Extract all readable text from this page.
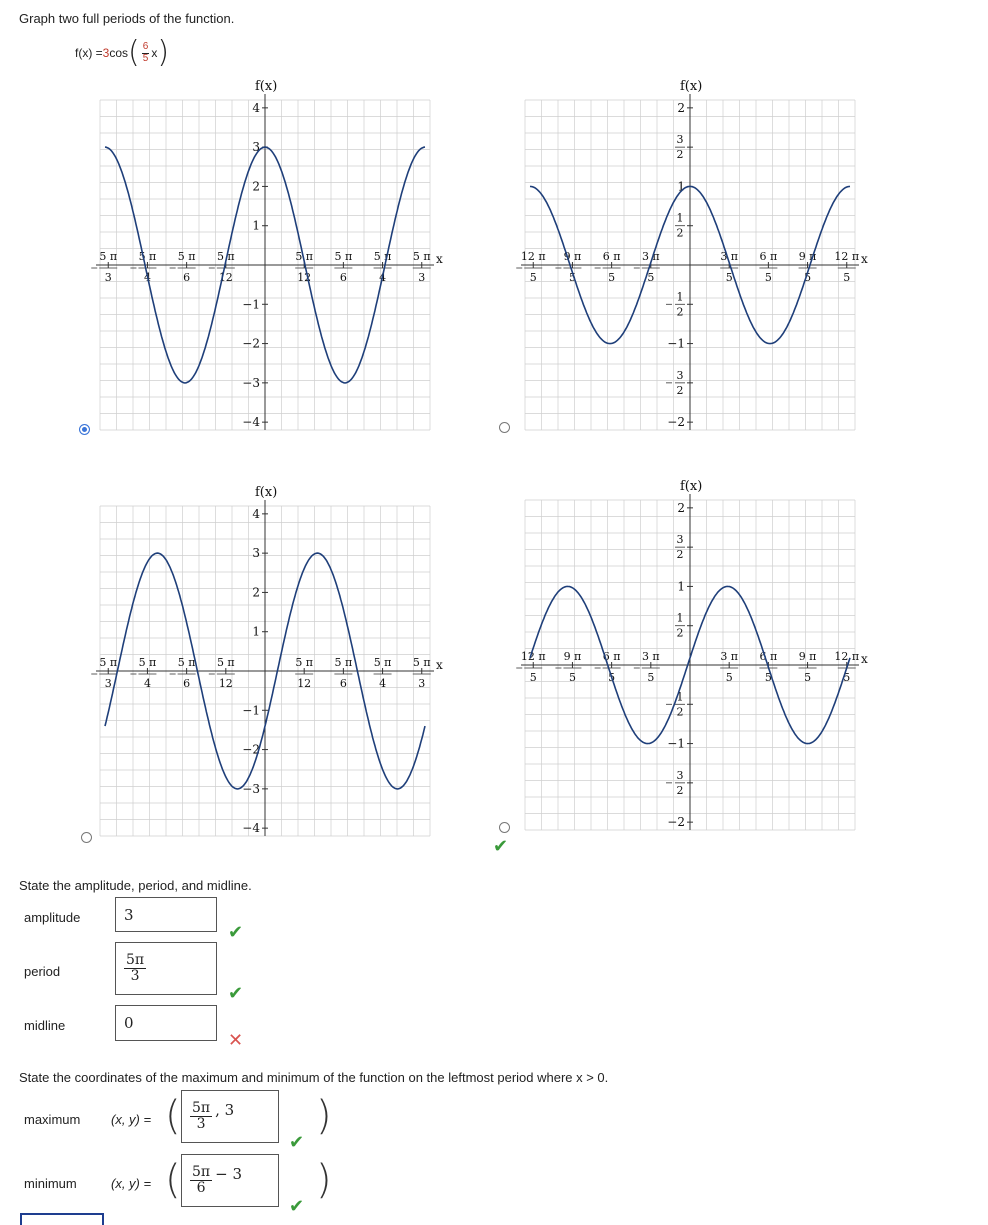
Graph two full periods of the function.
f(x) = 3 cos ( $\frac{6}{5}$ x )
f(x)
x
4
3
2
1
−1
−2
−3
−4
5 π
3
5 π
4
5 π
6
5 π
12
5 π
12
5 π
6
5 π
4
5 π
3
f(x)
x
2
3
2
1
1
2
1
2
−1
3
2
−2
12 π
5
9 π
5
6 π
5
3 π
5
3 π
5
6 π
5
9 π
5
12 π
5
f(x)
x
4
3
2
1
−1
−2
−3
−4
5 π
3
5 π
4
5 π
6
5 π
12
5 π
12
5 π
6
5 π
4
5 π
3
f(x)
x
2
3
2
1
1
2
1
2
−1
3
2
−2
12 π
5
9 π
5
6 π
5
3 π
5
3 π
5
6 π
5
9 π
5
12 π
5
✔
State the amplitude, period, and midline.
amplitude	3
✔
period	$\frac{5\pi}{3}$
✔
midline	0
✕
State the coordinates of the maximum and minimum of the function on the leftmost period where x > 0.
maximum (x, y) = ( $\frac{5\pi}{3}$ , 3 )
✔
minimum	(x, y) = ( $\frac{5\pi}{6} - 3$ )
✔
